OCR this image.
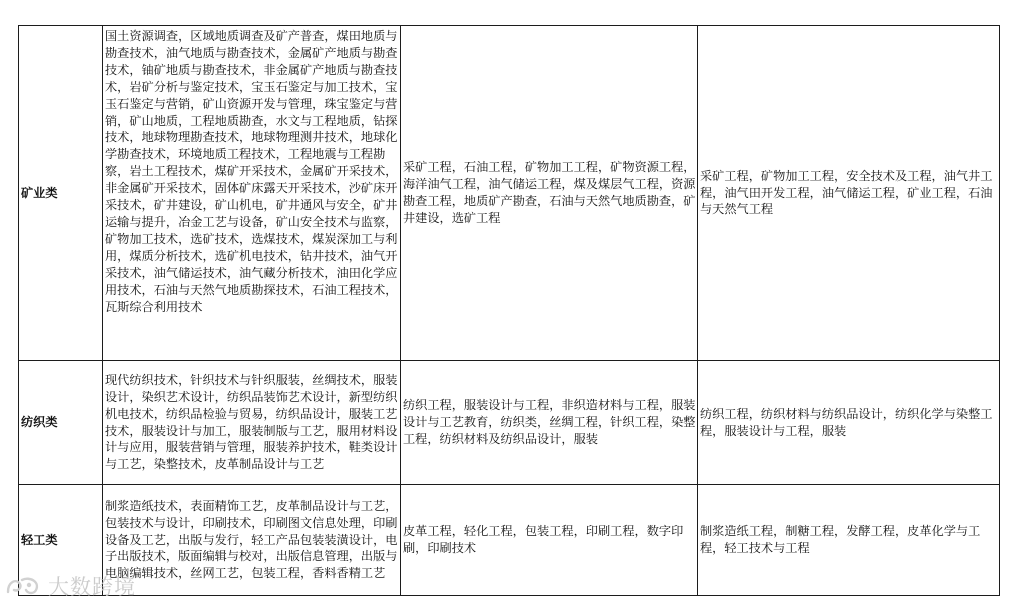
矿业类	国土资源调查，区域地质调查及矿产普查，煤田地质与勘查技术，油气地质与勘查技术，金属矿产地质与勘查技术，铀矿地质与勘查技术，非金属矿产地质与勘查技术，岩矿分析与鉴定技术，宝玉石鉴定与加工技术，宝玉石鉴定与营销，矿山资源开发与管理，珠宝鉴定与营销，矿山地质，工程地质勘查，水文与工程地质，钻探技术，地球物理勘查技术，地球物理测井技术，地球化学勘查技术，环境地质工程技术，工程地震与工程勘察，岩土工程技术，煤矿开采技术，金属矿开采技术，非金属矿开采技术，固体矿床露天开采技术，沙矿床开采技术，矿井建设，矿山机电，矿井通风与安全，矿井运输与提升，冶金工艺与设备，矿山安全技术与监察，矿物加工技术，选矿技术，选煤技术，煤炭深加工与利用，煤质分析技术，选矿机电技术，钻井技术，油气开采技术，油气储运技术，油气藏分析技术，油田化学应用技术，石油与天然气地质勘探技术，石油工程技术，瓦斯综合利用技术	采矿工程，石油工程，矿物加工工程，矿物资源工程，海洋油气工程，油气储运工程，煤及煤层气工程，资源勘查工程，地质矿产勘查，石油与天然气地质勘查，矿井建设，选矿工程	采矿工程，矿物加工工程，安全技术及工程，油气井工程，油气田开发工程，油气储运工程，矿业工程，石油与天然气工程
纺织类	现代纺织技术，针织技术与针织服装，丝绸技术，服装设计，染织艺术设计，纺织品装饰艺术设计，新型纺织机电技术，纺织品检验与贸易，纺织品设计，服装工艺技术，服装设计与加工，服装制版与工艺，服用材料设计与应用，服装营销与管理，服装养护技术，鞋类设计与工艺，染整技术，皮革制品设计与工艺	纺织工程，服装设计与工程，非织造材料与工程，服装设计与工艺教育，纺织类，丝绸工程，针织工程，染整工程，纺织材料及纺织品设计，服装	纺织工程，纺织材料与纺织品设计，纺织化学与染整工程，服装设计与工程，服装
轻工类	制浆造纸技术，表面精饰工艺，皮革制品设计与工艺，包装技术与设计，印刷技术，印刷图文信息处理，印刷设备及工艺，出版与发行，轻工产品包装装潢设计，电子出版技术，版面编辑与校对，出版信息管理，出版与电脑编辑技术，丝网工艺，包装工程，香料香精工艺	皮革工程，轻化工程，包装工程，印刷工程，数字印刷，印刷技术	制浆造纸工程，制糖工程，发酵工程，皮革化学与工程，轻工技术与工程
大数跨境
